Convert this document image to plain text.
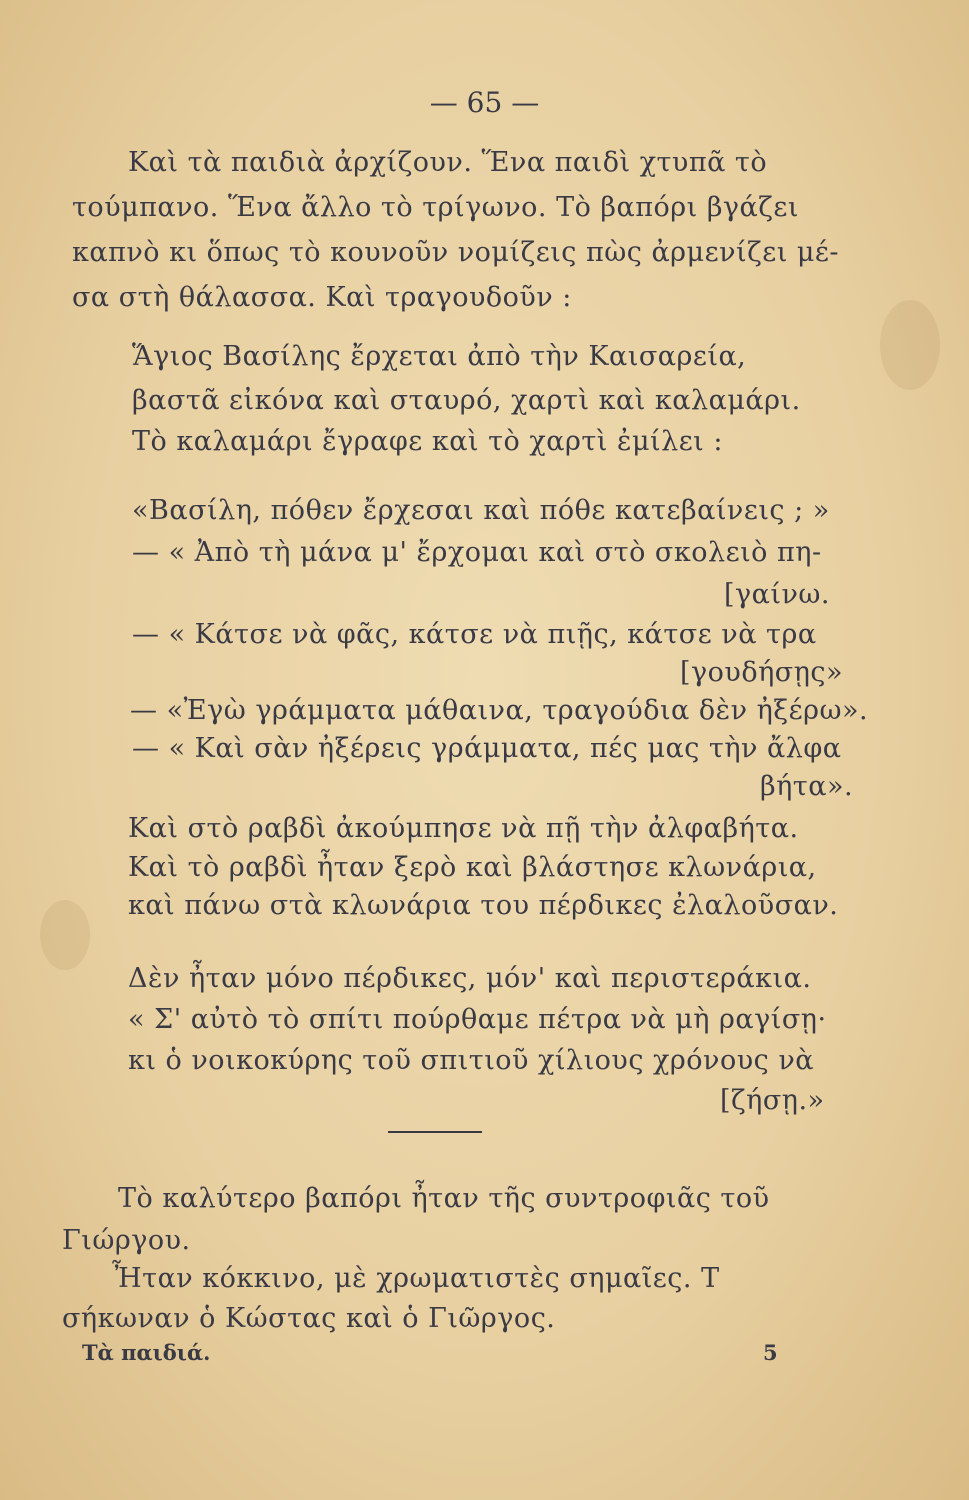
— 65 —
Καὶ τὰ παιδιὰ ἀρχίζουν. Ἕνα παιδὶ χτυπᾶ τὸ
τούμπανο. Ἕνα ἄλλο τὸ τρίγωνο. Τὸ βαπόρι βγάζει
καπνὸ κι ὅπως τὸ κουνοῦν νομίζεις πὼς ἀρμενίζει μέ-
σα στὴ θάλασσα. Καὶ τραγουδοῦν :
Ἅγιος Βασίλης ἔρχεται ἀπὸ τὴν Καισαρεία,
βαστᾶ εἰκόνα καὶ σταυρό, χαρτὶ καὶ καλαμάρι.
Τὸ καλαμάρι ἔγραφε καὶ τὸ χαρτὶ ἐμίλει :
«Βασίλη, πόθεν ἔρχεσαι καὶ πόθε κατεβαίνεις ; »
— « Ἀπὸ τὴ μάνα μ' ἔρχομαι καὶ στὸ σκολειὸ πη-
[γαίνω.
— « Κάτσε νὰ φᾶς, κάτσε νὰ πιῇς, κάτσε νὰ τρα
[γουδήσῃς»
— «Ἐγὼ γράμματα μάθαινα, τραγούδια δὲν ἠξέρω».
— « Καὶ σὰν ἠξέρεις γράμματα, πές μας τὴν ἄλφα
βήτα».
Καὶ στὸ ραβδὶ ἀκούμπησε νὰ πῇ τὴν ἀλφαβήτα.
Καὶ τὸ ραβδὶ ἦταν ξερὸ καὶ βλάστησε κλωνάρια,
καὶ πάνω στὰ κλωνάρια του πέρδικες ἐλαλοῦσαν.
Δὲν ἦταν μόνο πέρδικες, μόν' καὶ περιστεράκια.
« Σ' αὐτὸ τὸ σπίτι πούρθαμε πέτρα νὰ μὴ ραγίσῃ·
κι ὁ νοικοκύρης τοῦ σπιτιοῦ χίλιους χρόνους νὰ
[ζήσῃ.»
Τὸ καλύτερο βαπόρι ἦταν τῆς συντροφιᾶς τοῦ
Γιώργου.
Ἦταν κόκκινο, μὲ χρωματιστὲς σημαῖες. Τ
σήκωναν ὁ Κώστας καὶ ὁ Γιῶργος.
Τὰ παιδιά.	5
